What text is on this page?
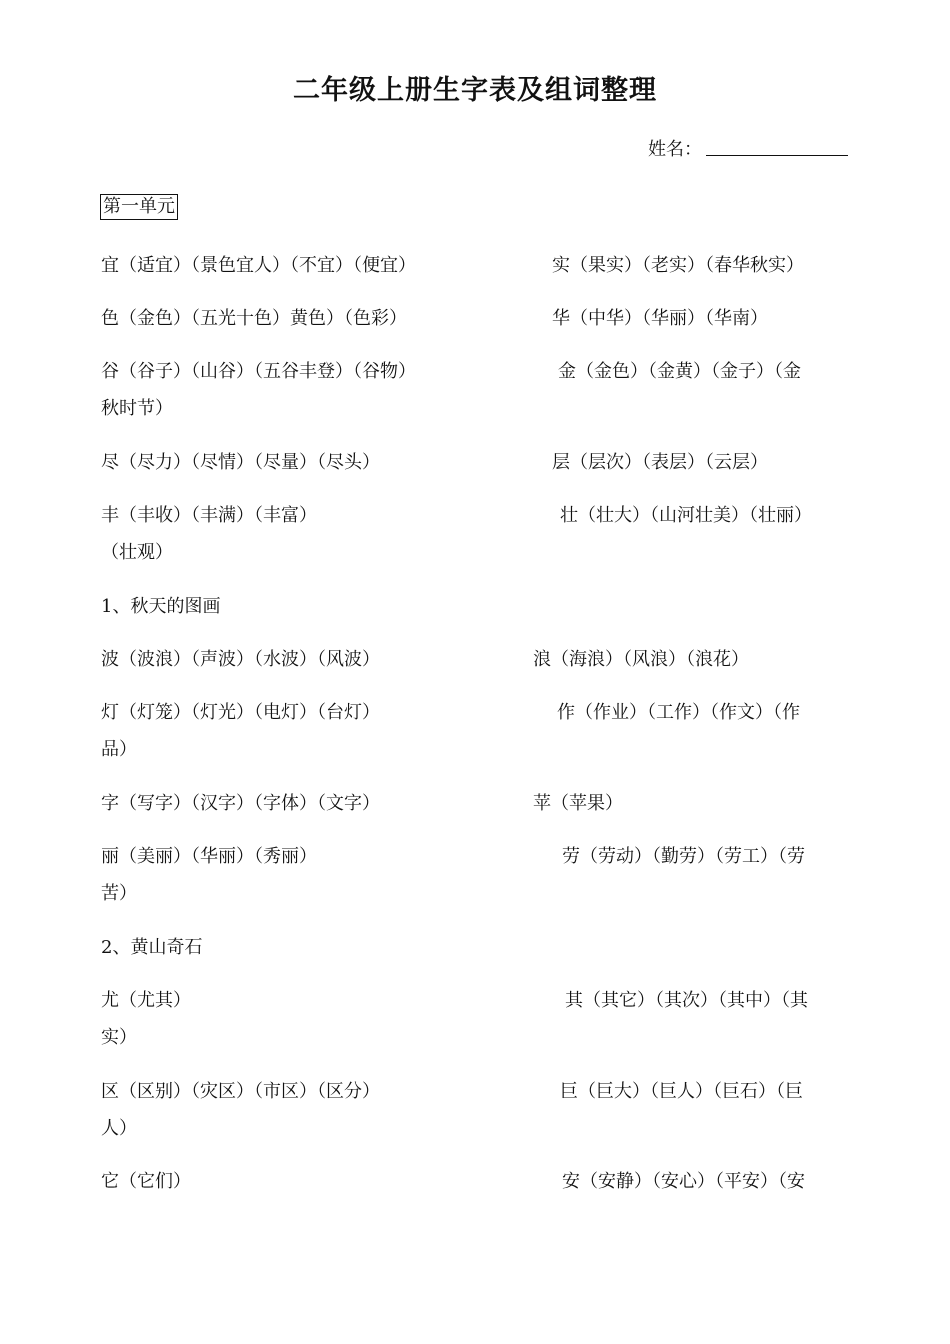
二年级上册生字表及组词整理
姓名：
第一单元
宜（适宜）（景色宜人）（不宜）（便宜）	实（果实）（老实）（春华秋实）
色（金色）（五光十色）黄色）（色彩）	华（中华）（华丽）（华南）
谷（谷子）（山谷）（五谷丰登）（谷物）	金（金色）（金黄）（金子）（金
秋时节）
尽（尽力）（尽情）（尽量）（尽头）	层（层次）（表层）（云层）
丰（丰收）（丰满）（丰富）	壮（壮大）（山河壮美）（壮丽）
（壮观）
1、秋天的图画
波（波浪）（声波）（水波）（风波）	浪（海浪）（风浪）（浪花）
灯（灯笼）（灯光）（电灯）（台灯）	作（作业）（工作）（作文）（作
品）
字（写字）（汉字）（字体）（文字）	苹（苹果）
丽（美丽）（华丽）（秀丽）	劳（劳动）（勤劳）（劳工）（劳
苦）
2、黄山奇石
尤（尤其）	其（其它）（其次）（其中）（其
实）
区（区别）（灾区）（市区）（区分）	巨（巨大）（巨人）（巨石）（巨
人）
它（它们）	安（安静）（安心）（平安）（安
